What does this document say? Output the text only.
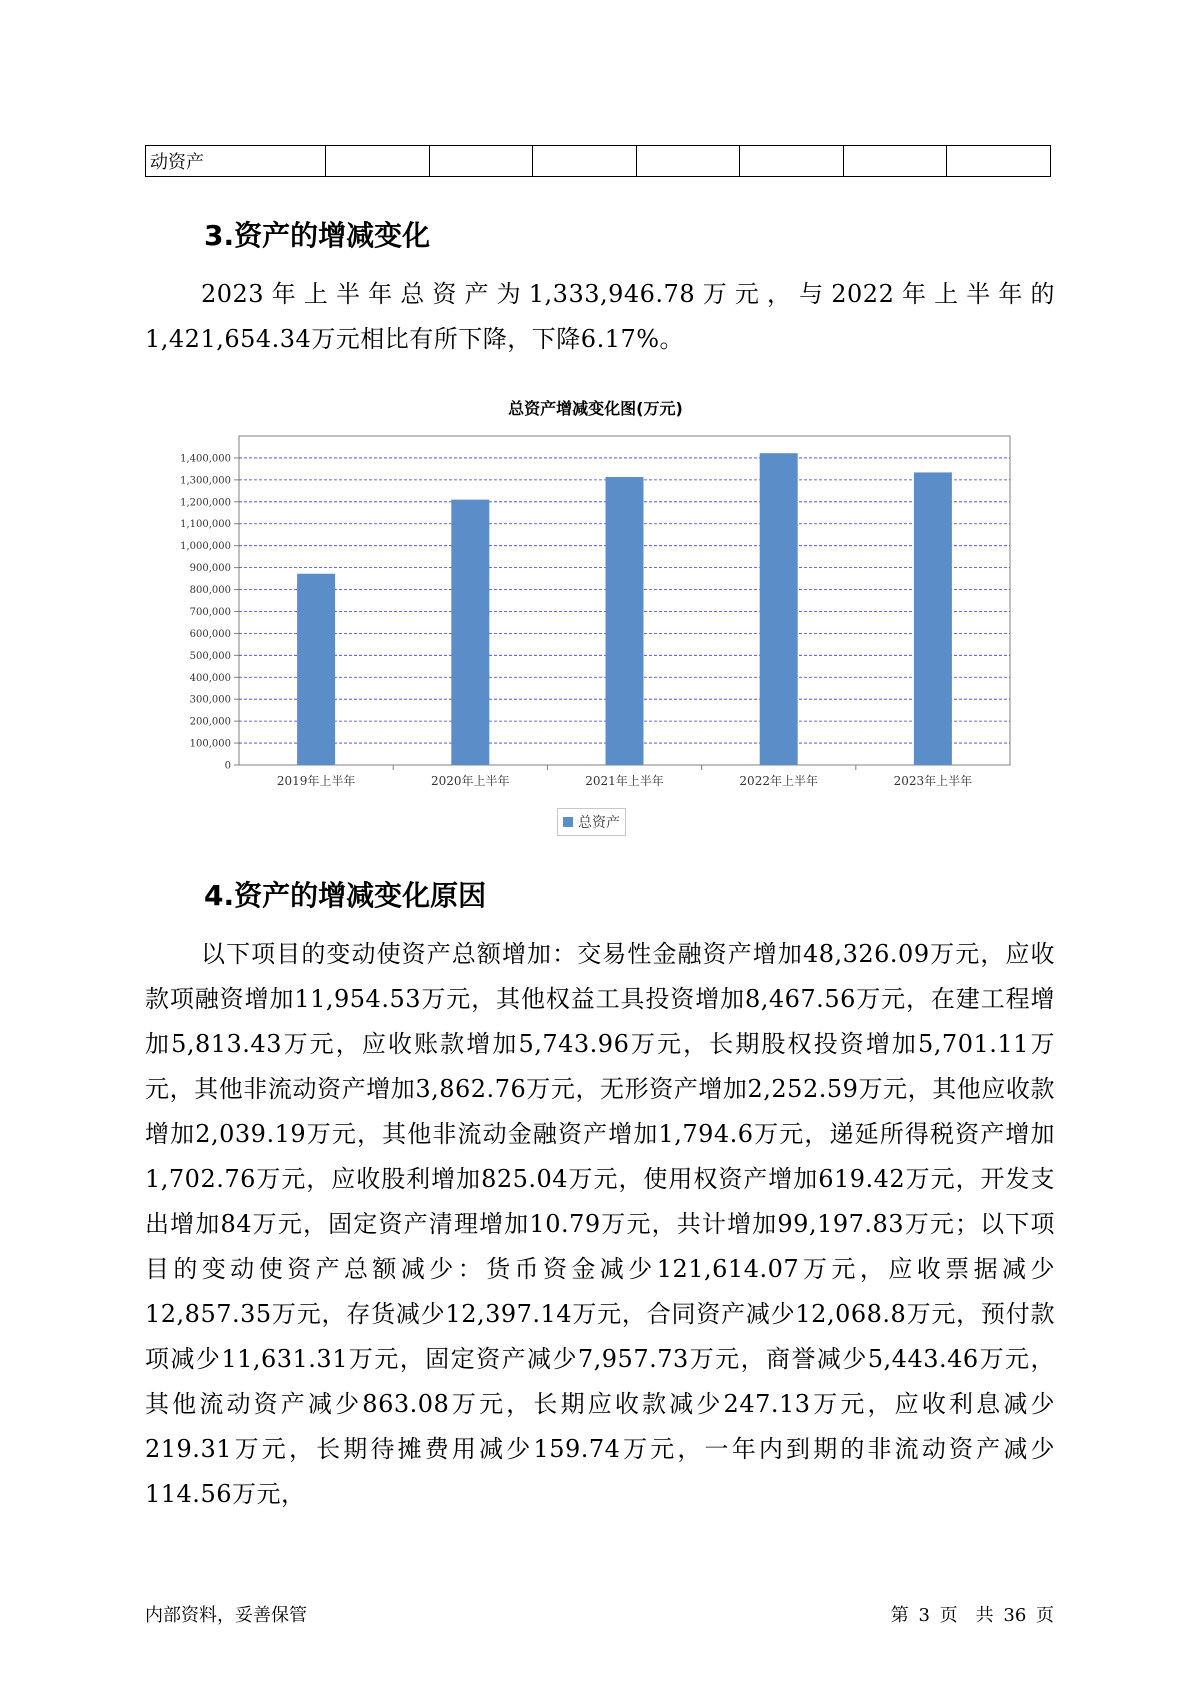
动资产							
3.资产的增减变化

2023年上半年总资产为1,333,946.78万元，与2022年上半年的1,421,654.34万元相比有所下降，下降6.17%。

总资产增减变化图(万元)

0
100,000
200,000
300,000
400,000
500,000
600,000
700,000
800,000
900,000
1,000,000
1,100,000
1,200,000
1,300,000
1,400,000
2019年上半年	2020年上半年	2021年上半年	2022年上半年	2023年上半年
总资产
4.资产的增减变化原因

以下项目的变动使资产总额增加：交易性金融资产增加48,326.09万元，应收款项融资增加11,954.53万元，其他权益工具投资增加8,467.56万元，在建工程增加5,813.43万元，应收账款增加5,743.96万元，长期股权投资增加5,701.11万元，其他非流动资产增加3,862.76万元，无形资产增加2,252.59万元，其他应收款增加2,039.19万元，其他非流动金融资产增加1,794.6万元，递延所得税资产增加1,702.76万元，应收股利增加825.04万元，使用权资产增加619.42万元，开发支出增加84万元，固定资产清理增加10.79万元，共计增加99,197.83万元；以下项目的变动使资产总额减少：货币资金减少121,614.07万元，应收票据减少12,857.35万元，存货减少12,397.14万元，合同资产减少12,068.8万元，预付款项减少11,631.31万元，固定资产减少7,957.73万元，商誉减少5,443.46万元，其他流动资产减少863.08万元，长期应收款减少247.13万元，应收利息减少219.31万元，长期待摊费用减少159.74万元，一年内到期的非流动资产减少114.56万元，

内部资料，妥善保管	第 3 页　共 36 页
